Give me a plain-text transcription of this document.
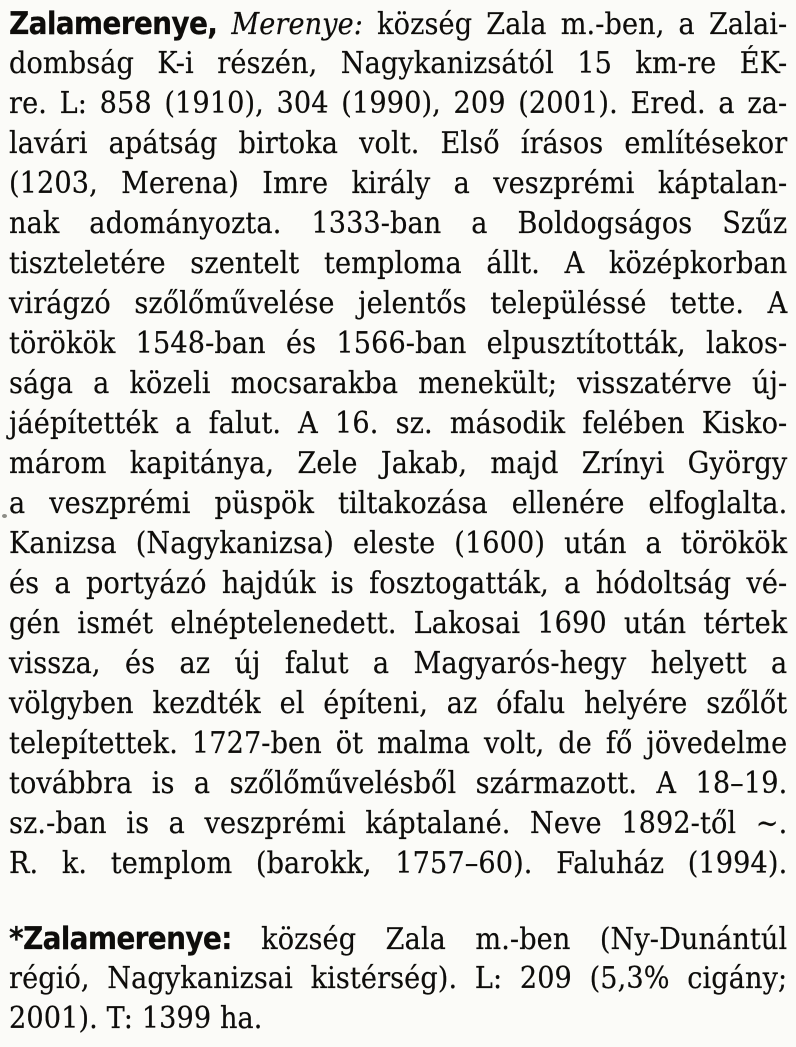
Zalamerenye, Merenye: község Zala m.-ben, a Zalai-
dombság K-i részén, Nagykanizsától 15 km-re ÉK-
re. L: 858 (1910), 304 (1990), 209 (2001). Ered. a za-
lavári apátság birtoka volt. Első írásos említésekor
(1203, Merena) Imre király a veszprémi káptalan-
nak adományozta. 1333-ban a Boldogságos Szűz
tiszteletére szentelt temploma állt. A középkorban
virágzó szőlőművelése jelentős településsé tette. A
törökök 1548-ban és 1566-ban elpusztították, lakos-
sága a közeli mocsarakba menekült; visszatérve új-
jáépítették a falut. A 16. sz. második felében Kisko-
márom kapitánya, Zele Jakab, majd Zrínyi György
a veszprémi püspök tiltakozása ellenére elfoglalta.
Kanizsa (Nagykanizsa) eleste (1600) után a törökök
és a portyázó hajdúk is fosztogatták, a hódoltság vé-
gén ismét elnéptelenedett. Lakosai 1690 után tértek
vissza, és az új falut a Magyarós-hegy helyett a
völgyben kezdték el építeni, az ófalu helyére szőlőt
telepítettek. 1727-ben öt malma volt, de fő jövedelme
továbbra is a szőlőművelésből származott. A 18–19.
sz.-ban is a veszprémi káptalané. Neve 1892-től ~.
R. k. templom (barokk, 1757–60). Faluház (1994).
*Zalamerenye: község Zala m.-ben (Ny-Dunántúl
régió, Nagykanizsai kistérség). L: 209 (5,3% cigány;
2001). T: 1399 ha.
